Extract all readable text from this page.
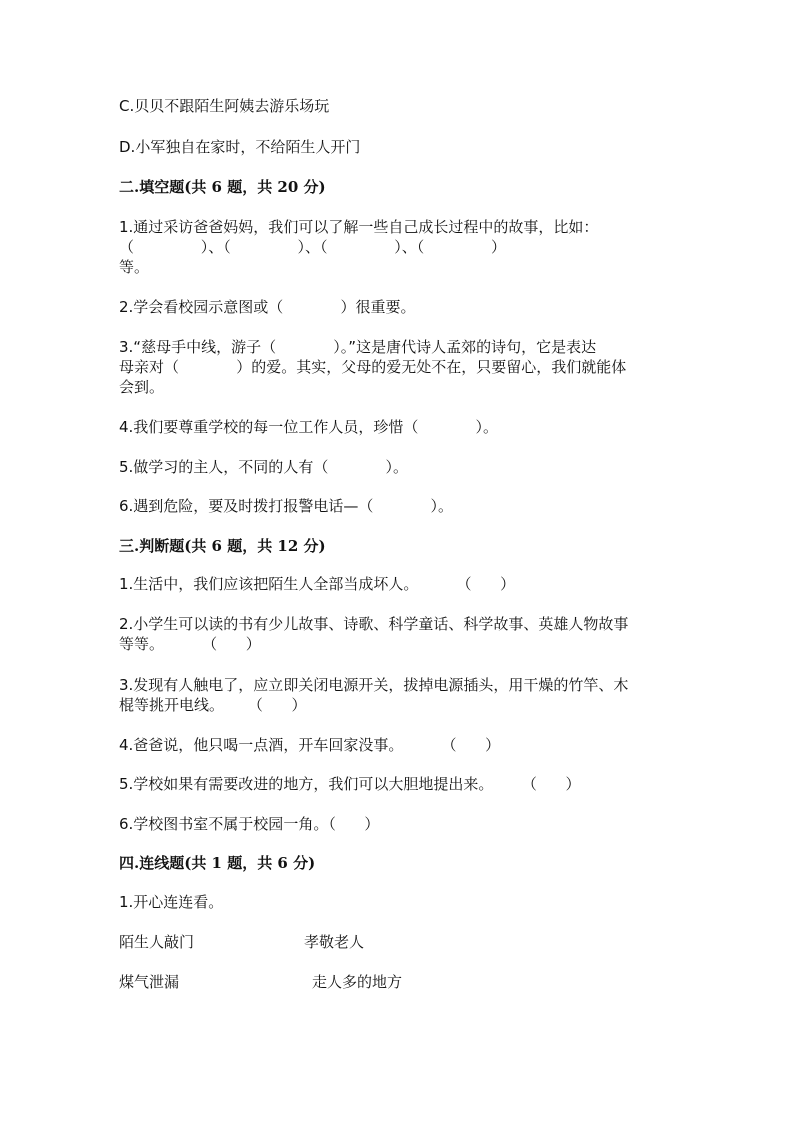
C.贝贝不跟陌生阿姨去游乐场玩

D.小军独自在家时，不给陌生人开门

二.填空题(共 6 题，共 20 分)

1.通过采访爸爸妈妈，我们可以了解一些自己成长过程中的故事，比如：

（              ）、（              ）、（              ）、（              ）

等。

2.学会看校园示意图或（            ）很重要。

3.“慈母手中线，游子（            ）。”这是唐代诗人孟郊的诗句，它是表达

母亲对（            ）的爱。其实，父母的爱无处不在，只要留心，我们就能体

会到。

4.我们要尊重学校的每一位工作人员，珍惜（            ）。

5.做学习的主人，不同的人有（            ）。

6.遇到危险，要及时拨打报警电话—（            ）。

三.判断题(共 6 题，共 12 分)

1.生活中，我们应该把陌生人全部当成坏人。        （      ）

2.小学生可以读的书有少儿故事、诗歌、科学童话、科学故事、英雄人物故事

等等。        （      ）

3.发现有人触电了，应立即关闭电源开关，拔掉电源插头，用干燥的竹竿、木

棍等挑开电线。     （      ）

4.爸爸说，他只喝一点酒，开车回家没事。        （      ）

5.学校如果有需要改进的地方，我们可以大胆地提出来。      （      ）

6.学校图书室不属于校园一角。（      ）

四.连线题(共 1 题，共 6 分)

1.开心连连看。

陌生人敲门	孝敬老人

煤气泄漏	走人多的地方
